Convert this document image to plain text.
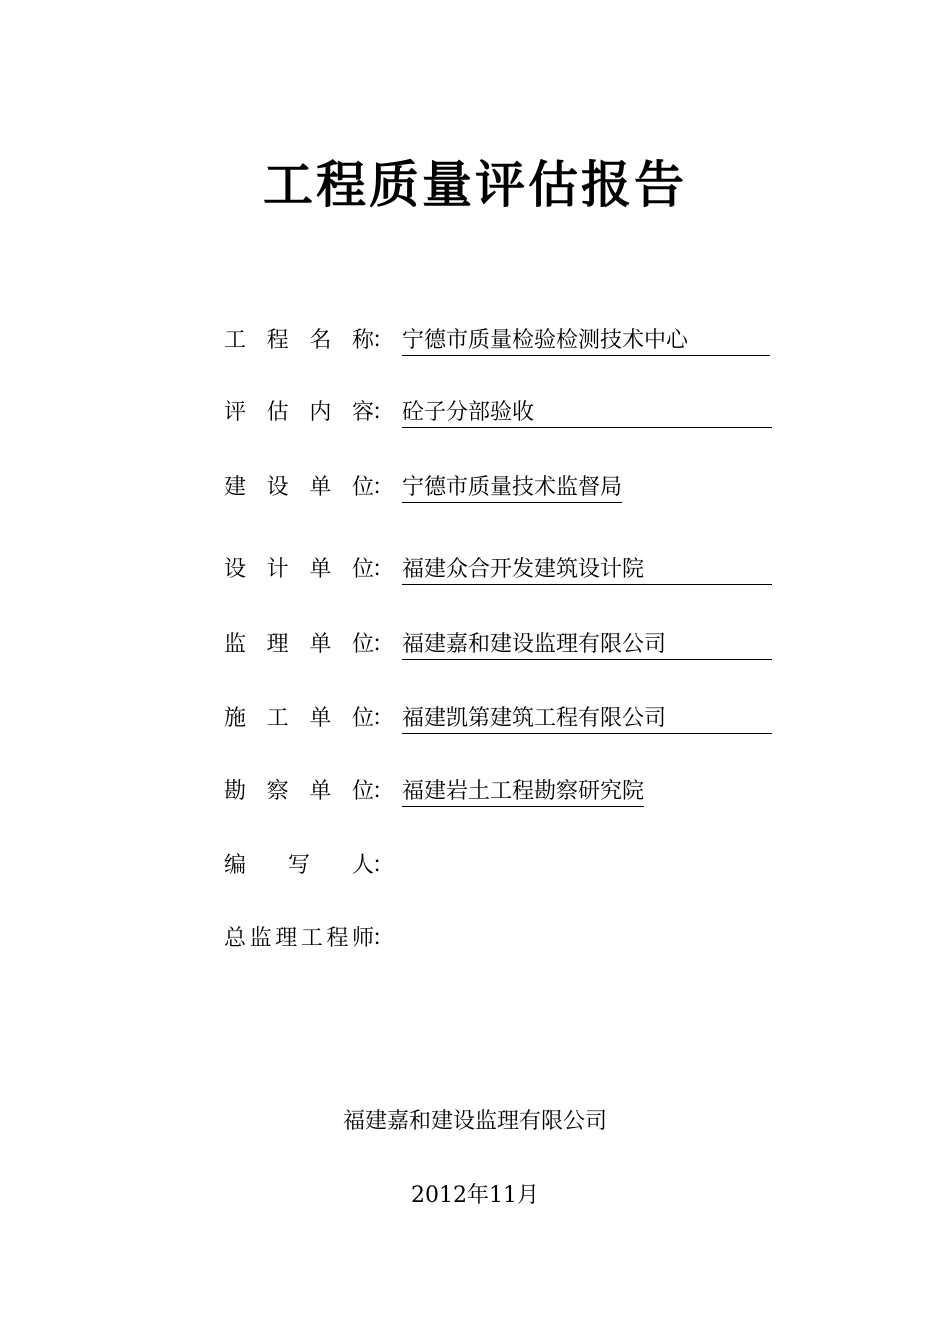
工程质量评估报告
工程名称
： 宁德市质量检验检测技术中心
评估内容
： 砼子分部验收
建设单位
： 宁德市质量技术监督局
设计单位
： 福建众合开发建筑设计院
监理单位
： 福建嘉和建设监理有限公司
施工单位
： 福建凯第建筑工程有限公司
勘察单位
： 福建岩土工程勘察研究院
编写人
：
总监理工程师
：
福建嘉和建设监理有限公司
2012年11月
